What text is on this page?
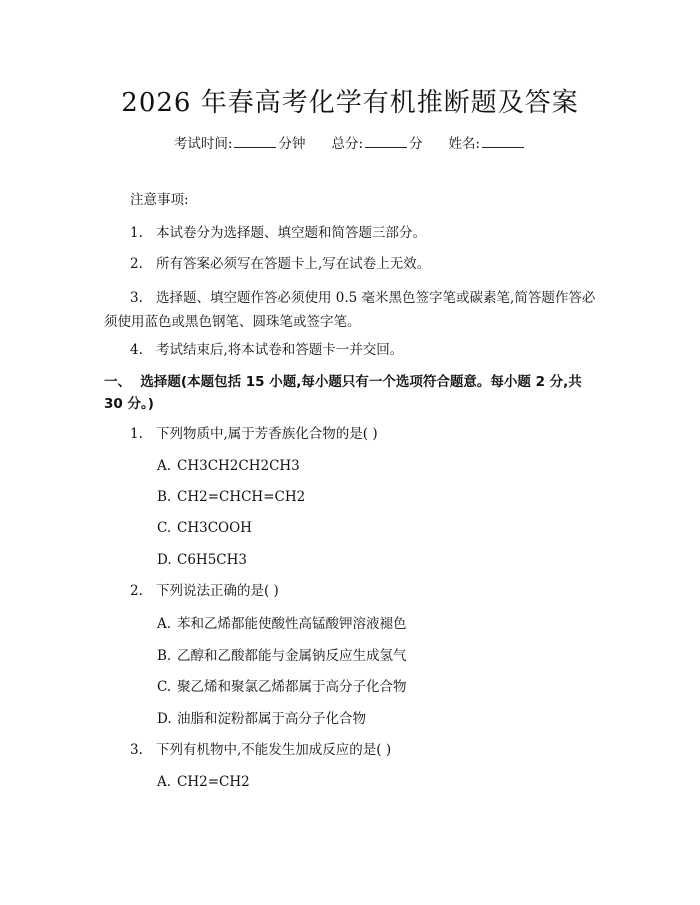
2026 年春高考化学有机推断题及答案
考试时间:	分钟 总分:	分 姓名:
注意事项:
1. 本试卷分为选择题、填空题和简答题三部分。
2. 所有答案必须写在答题卡上,写在试卷上无效。
3. 选择题、填空题作答必须使用 0.5 毫米黑色签字笔或碳素笔,简答题作答必须使用蓝色或黑色钢笔、圆珠笔或签字笔。
4. 考试结束后,将本试卷和答题卡一并交回。
一、 选择题(本题包括 15 小题,每小题只有一个选项符合题意。每小题 2 分,共 30 分。)
1. 下列物质中,属于芳香族化合物的是( )
A. CH3CH2CH2CH3
B. CH2=CHCH=CH2
C. CH3COOH
D. C6H5CH3
2. 下列说法正确的是( )
A. 苯和乙烯都能使酸性高锰酸钾溶液褪色
B. 乙醇和乙酸都能与金属钠反应生成氢气
C. 聚乙烯和聚氯乙烯都属于高分子化合物
D. 油脂和淀粉都属于高分子化合物
3. 下列有机物中,不能发生加成反应的是( )
A. CH2=CH2
